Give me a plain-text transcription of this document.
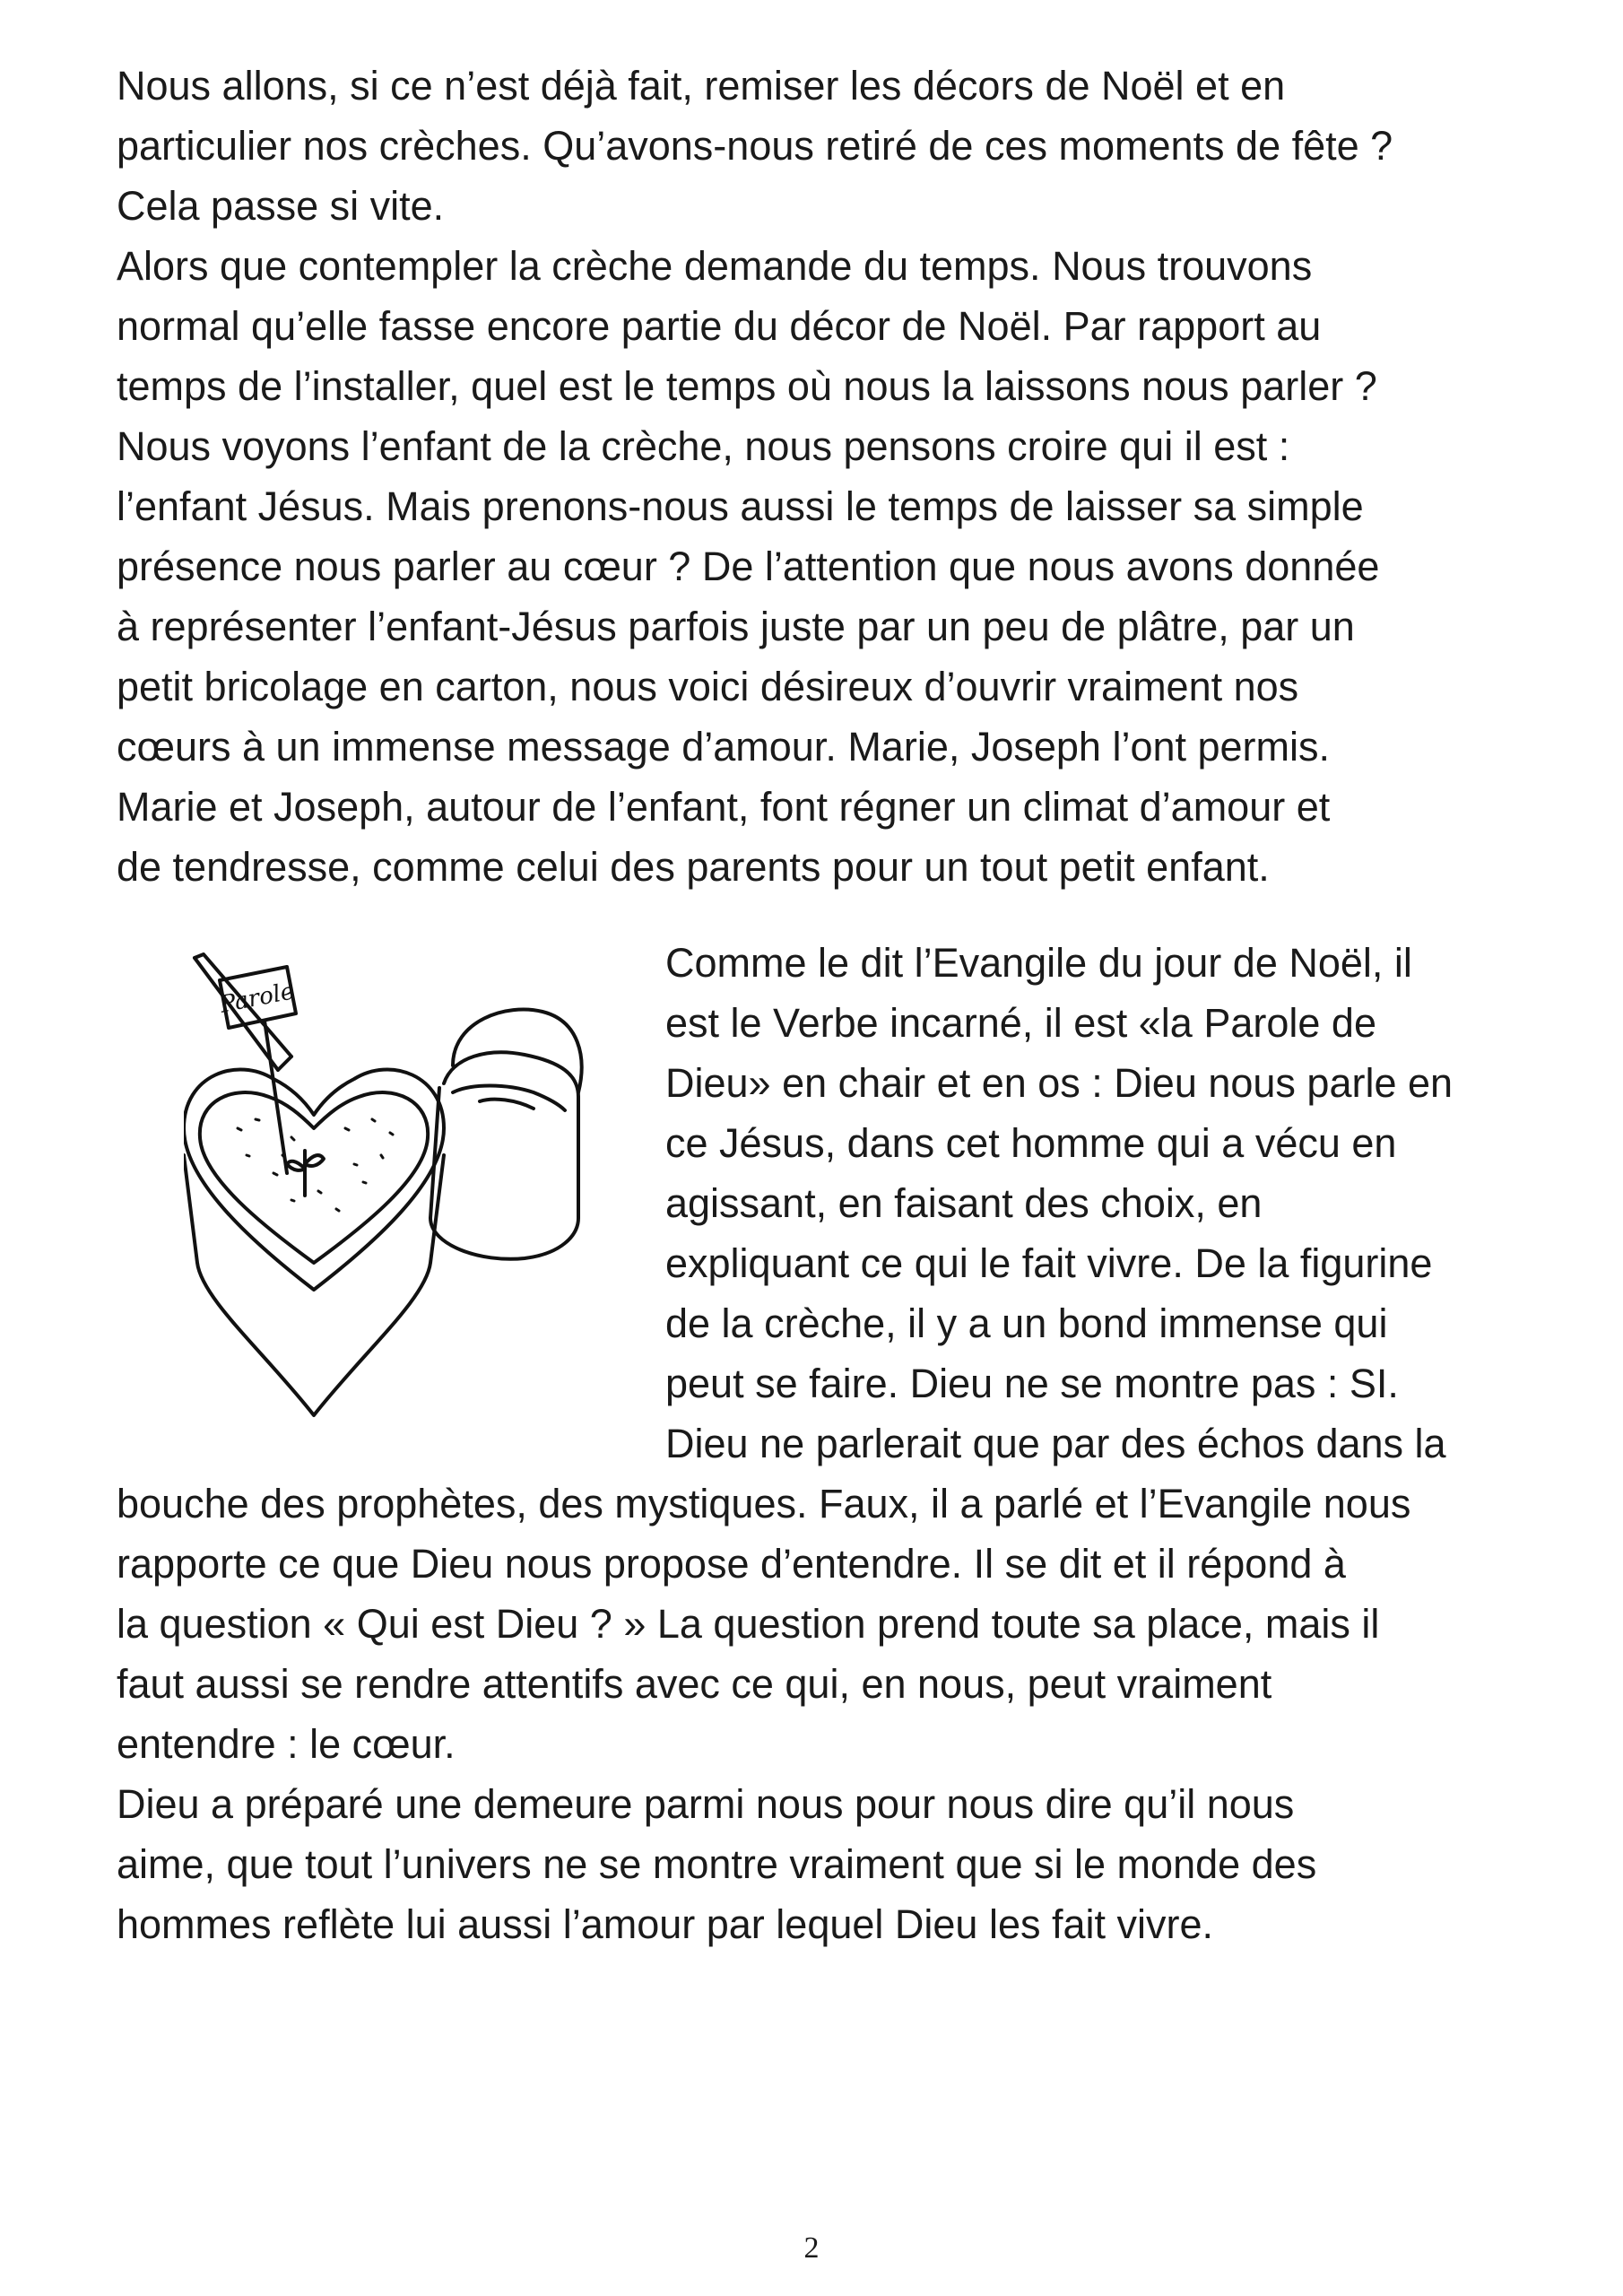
Nous allons, si ce n’est déjà fait, remiser les décors de Noël et en
particulier nos crèches. Qu’avons-nous retiré de ces moments de fête ?
Cela passe si vite.

Alors que contempler la crèche demande du temps. Nous trouvons
normal qu’elle fasse encore partie du décor de Noël. Par rapport au
temps de l’installer, quel est le temps où nous la laissons nous parler ?
Nous voyons l’enfant de la crèche, nous pensons croire qui il est :
l’enfant Jésus. Mais prenons-nous aussi le temps de laisser sa simple
présence nous parler au cœur ? De l’attention que nous avons donnée
à représenter l’enfant-Jésus parfois juste par un peu de plâtre, par un
petit bricolage en carton, nous voici désireux d’ouvrir vraiment nos
cœurs à un immense message d’amour. Marie, Joseph l’ont permis.
Marie et Joseph, autour de l’enfant, font régner un climat d’amour et
de tendresse, comme celui des parents pour un tout petit enfant.

Parole

Comme le dit l’Evangile du jour de Noël, il
est le Verbe incarné, il est «la Parole de
Dieu» en chair et en os : Dieu nous parle en
ce Jésus, dans cet homme qui a vécu en
agissant, en faisant des choix, en
expliquant ce qui le fait vivre. De la figurine
de la crèche, il y a un bond immense qui
peut se faire. Dieu ne se montre pas : SI.
Dieu ne parlerait que par des échos dans la

bouche des prophètes, des mystiques. Faux, il a parlé et l’Evangile nous
rapporte ce que Dieu nous propose d’entendre. Il se dit et il répond à
la question « Qui est Dieu ? » La question prend toute sa place, mais il
faut aussi se rendre attentifs avec ce qui, en nous, peut vraiment
entendre : le cœur.

Dieu a préparé une demeure parmi nous pour nous dire qu’il nous
aime, que tout l’univers ne se montre vraiment que si le monde des
hommes reflète lui aussi l’amour par lequel Dieu les fait vivre.

2
